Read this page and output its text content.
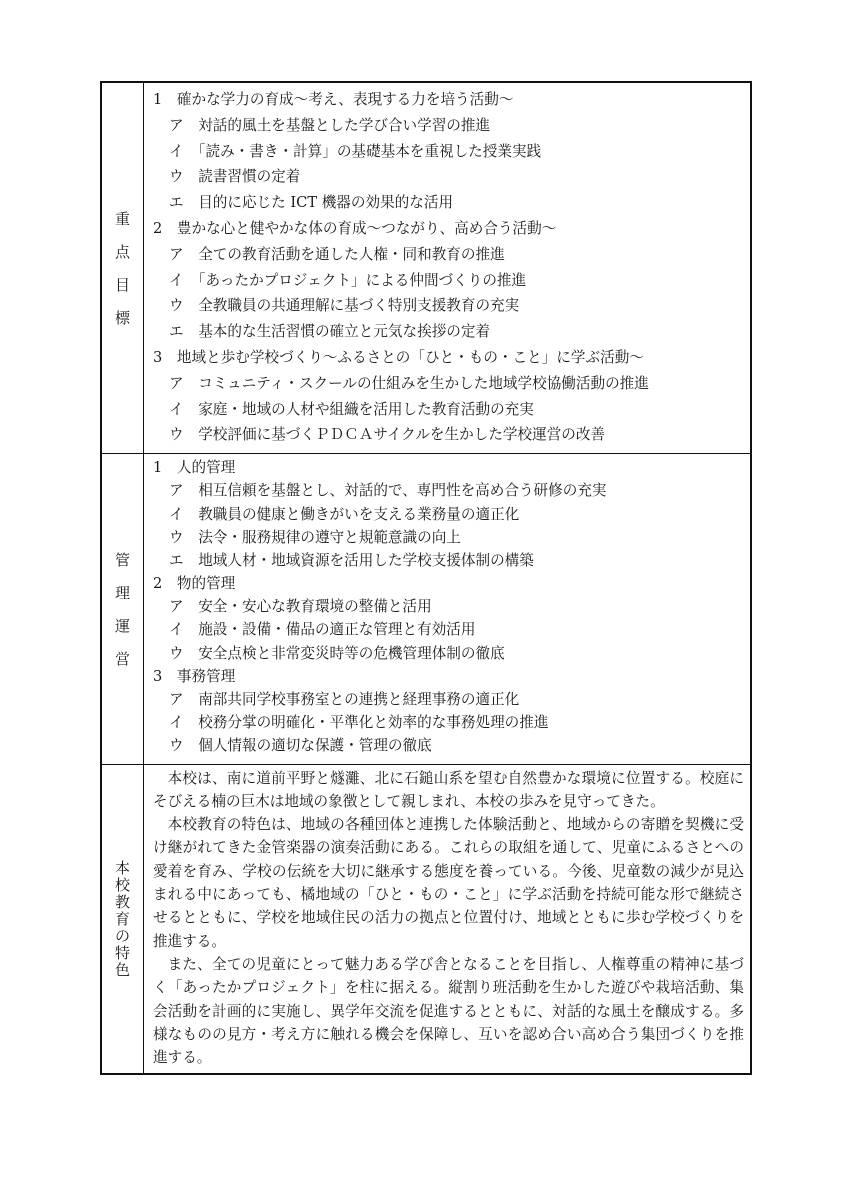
重
点
目
標
1　確かな学力の育成〜考え、表現する力を培う活動〜
ア　対話的風土を基盤とした学び合い学習の推進
イ　「読み・書き・計算」の基礎基本を重視した授業実践
ウ　読書習慣の定着
エ　目的に応じた ICT 機器の効果的な活用
2　豊かな心と健やかな体の育成〜つながり、高め合う活動〜
ア　全ての教育活動を通した人権・同和教育の推進
イ　「あったかプロジェクト」による仲間づくりの推進
ウ　全教職員の共通理解に基づく特別支援教育の充実
エ　基本的な生活習慣の確立と元気な挨拶の定着
3　地域と歩む学校づくり〜ふるさとの「ひと・もの・こと」に学ぶ活動〜
ア　コミュニティ・スクールの仕組みを生かした地域学校協働活動の推進
イ　家庭・地域の人材や組織を活用した教育活動の充実
ウ　学校評価に基づくＰＤＣＡサイクルを生かした学校運営の改善
管
理
運
営
1　人的管理
ア　相互信頼を基盤とし、対話的で、専門性を高め合う研修の充実
イ　教職員の健康と働きがいを支える業務量の適正化
ウ　法令・服務規律の遵守と規範意識の向上
エ　地域人材・地域資源を活用した学校支援体制の構築
2　物的管理
ア　安全・安心な教育環境の整備と活用
イ　施設・設備・備品の適正な管理と有効活用
ウ　安全点検と非常変災時等の危機管理体制の徹底
3　事務管理
ア　南部共同学校事務室との連携と経理事務の適正化
イ　校務分掌の明確化・平準化と効率的な事務処理の推進
ウ　個人情報の適切な保護・管理の徹底
本
校
教
育
の
特
色
本校は、南に道前平野と燧灘、北に石鎚山系を望む自然豊かな環境に位置する。校庭にそびえる楠の巨木は地域の象徴として親しまれ、本校の歩みを見守ってきた。
本校教育の特色は、地域の各種団体と連携した体験活動と、地域からの寄贈を契機に受け継がれてきた金管楽器の演奏活動にある。これらの取組を通して、児童にふるさとへの愛着を育み、学校の伝統を大切に継承する態度を養っている。今後、児童数の減少が見込まれる中にあっても、橘地域の「ひと・もの・こと」に学ぶ活動を持続可能な形で継続させるとともに、学校を地域住民の活力の拠点と位置付け、地域とともに歩む学校づくりを推進する。
また、全ての児童にとって魅力ある学び舎となることを目指し、人権尊重の精神に基づく「あったかプロジェクト」を柱に据える。縦割り班活動を生かした遊びや栽培活動、集会活動を計画的に実施し、異学年交流を促進するとともに、対話的な風土を醸成する。多様なものの見方・考え方に触れる機会を保障し、互いを認め合い高め合う集団づくりを推進する。
